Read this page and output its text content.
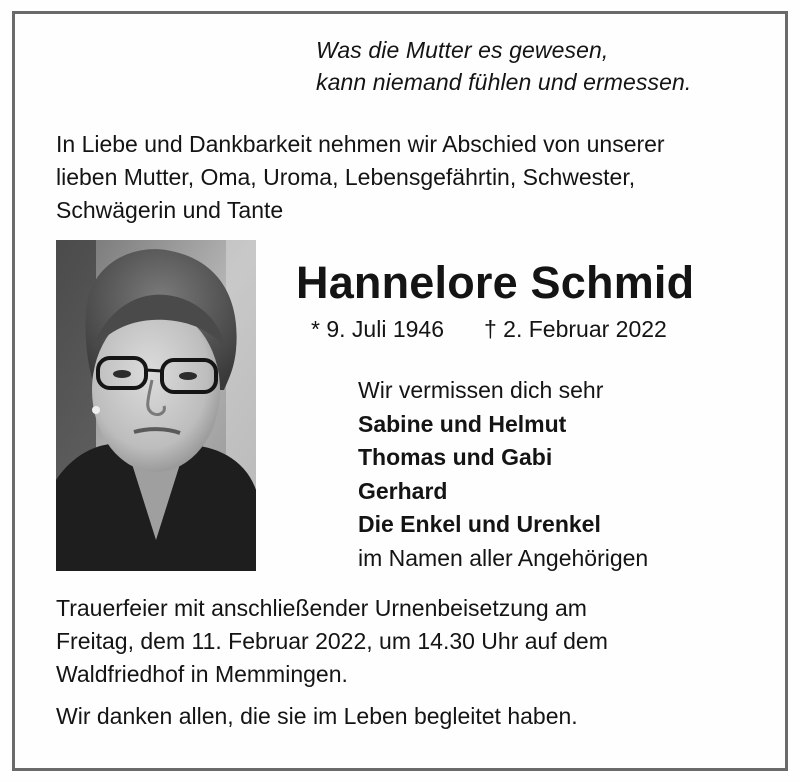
Was die Mutter es gewesen,
kann niemand fühlen und ermessen.
In Liebe und Dankbarkeit nehmen wir Abschied von unserer
lieben Mutter, Oma, Uroma, Lebensgefährtin, Schwester,
Schwägerin und Tante
Hannelore Schmid
* 9. Juli 1946 † 2. Februar 2022
Wir vermissen dich sehr
Sabine und Helmut
Thomas und Gabi
Gerhard
Die Enkel und Urenkel
im Namen aller Angehörigen
Trauerfeier mit anschließender Urnenbeisetzung am
Freitag, dem 11. Februar 2022, um 14.30 Uhr auf dem
Waldfriedhof in Memmingen.
Wir danken allen, die sie im Leben begleitet haben.
